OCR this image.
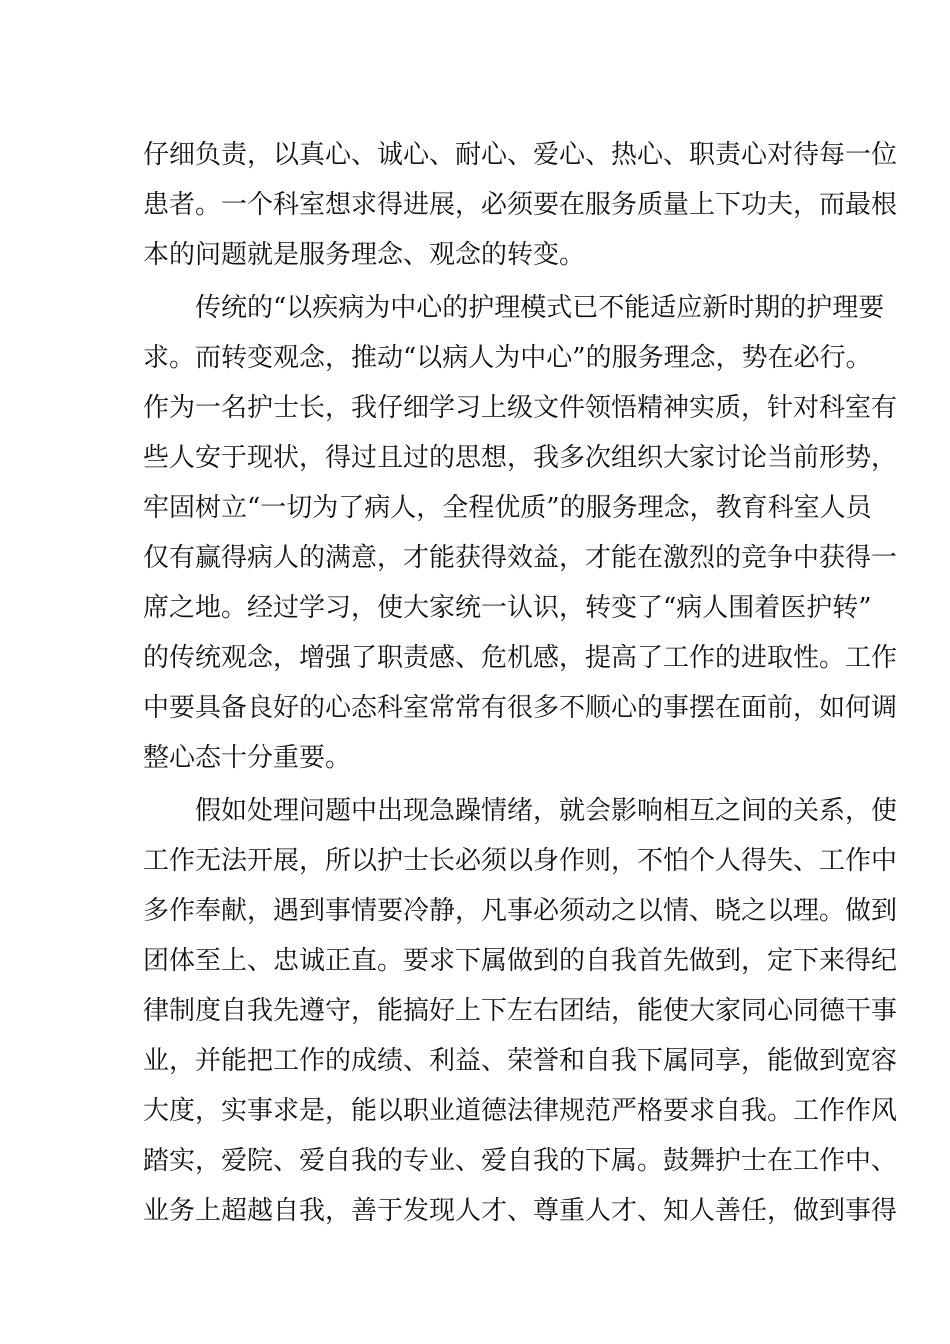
仔细负责，以真心、诚心、耐心、爱心、热心、职责心对待每一位
患者。一个科室想求得进展，必须要在服务质量上下功夫，而最根
本的问题就是服务理念、观念的转变。
传统的“以疾病为中心的护理模式已不能适应新时期的护理要
求。而转变观念，推动“以病人为中心”的服务理念，势在必行。
作为一名护士长，我仔细学习上级文件领悟精神实质，针对科室有
些人安于现状，得过且过的思想，我多次组织大家讨论当前形势，
牢固树立“一切为了病人，全程优质”的服务理念，教育科室人员
仅有赢得病人的满意，才能获得效益，才能在激烈的竞争中获得一
席之地。经过学习，使大家统一认识，转变了“病人围着医护转”
的传统观念，增强了职责感、危机感，提高了工作的进取性。工作
中要具备良好的心态科室常常有很多不顺心的事摆在面前，如何调
整心态十分重要。
假如处理问题中出现急躁情绪，就会影响相互之间的关系，使
工作无法开展，所以护士长必须以身作则，不怕个人得失、工作中
多作奉献，遇到事情要冷静，凡事必须动之以情、晓之以理。做到
团体至上、忠诚正直。要求下属做到的自我首先做到，定下来得纪
律制度自我先遵守，能搞好上下左右团结，能使大家同心同德干事
业，并能把工作的成绩、利益、荣誉和自我下属同享，能做到宽容
大度，实事求是，能以职业道德法律规范严格要求自我。工作作风
踏实，爱院、爱自我的专业、爱自我的下属。鼓舞护士在工作中、
业务上超越自我，善于发现人才、尊重人才、知人善任，做到事得
